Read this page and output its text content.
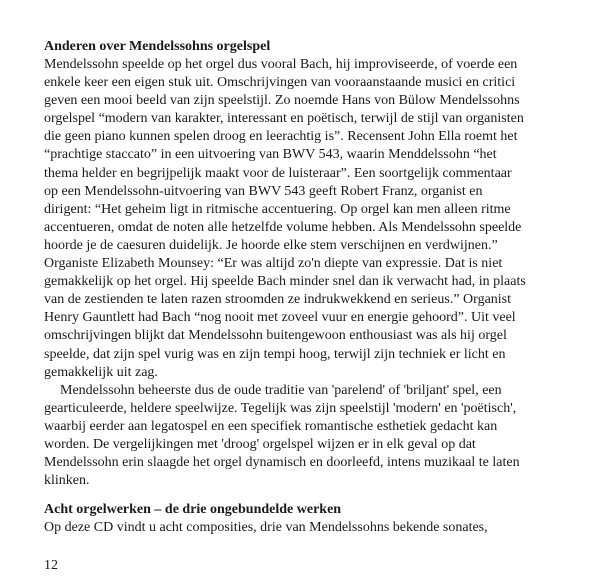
Anderen over Mendelssohns orgelspel

Mendelssohn speelde op het orgel dus vooral Bach, hij improviseerde, of voerde een
enkele keer een eigen stuk uit. Omschrijvingen van vooraanstaande musici en critici
geven een mooi beeld van zijn speelstijl. Zo noemde Hans von Bülow Mendelssohns
orgelspel “modern van karakter, interessant en poëtisch, terwijl de stijl van organisten
die geen piano kunnen spelen droog en leerachtig is”. Recensent John Ella roemt het
“prachtige staccato” in een uitvoering van BWV 543, waarin Menddelssohn “het
thema helder en begrijpelijk maakt voor de luisteraar”. Een soortgelijk commentaar
op een Mendelssohn-uitvoering van BWV 543 geeft Robert Franz, organist en
dirigent: “Het geheim ligt in ritmische accentuering. Op orgel kan men alleen ritme
accentueren, omdat de noten alle hetzelfde volume hebben. Als Mendelssohn speelde
hoorde je de caesuren duidelijk. Je hoorde elke stem verschijnen en verdwijnen.”
Organiste Elizabeth Mounsey: “Er was altijd zo'n diepte van expressie. Dat is niet
gemakkelijk op het orgel. Hij speelde Bach minder snel dan ik verwacht had, in plaats
van de zestienden te laten razen stroomden ze indrukwekkend en serieus.” Organist
Henry Gauntlett had Bach “nog nooit met zoveel vuur en energie gehoord”. Uit veel
omschrijvingen blijkt dat Mendelssohn buitengewoon enthousiast was als hij orgel
speelde, dat zijn spel vurig was en zijn tempi hoog, terwijl zijn techniek er licht en
gemakkelijk uit zag.

Mendelssohn beheerste dus de oude traditie van 'parelend' of 'briljant' spel, een
gearticuleerde, heldere speelwijze. Tegelijk was zijn speelstijl 'modern' en 'poëtisch',
waarbij eerder aan legatospel en een specifiek romantische esthetiek gedacht kan
worden. De vergelijkingen met 'droog' orgelspel wijzen er in elk geval op dat
Mendelssohn erin slaagde het orgel dynamisch en doorleefd, intens muzikaal te laten
klinken.

Acht orgelwerken – de drie ongebundelde werken

Op deze CD vindt u acht composities, drie van Mendelssohns bekende sonates,

12
